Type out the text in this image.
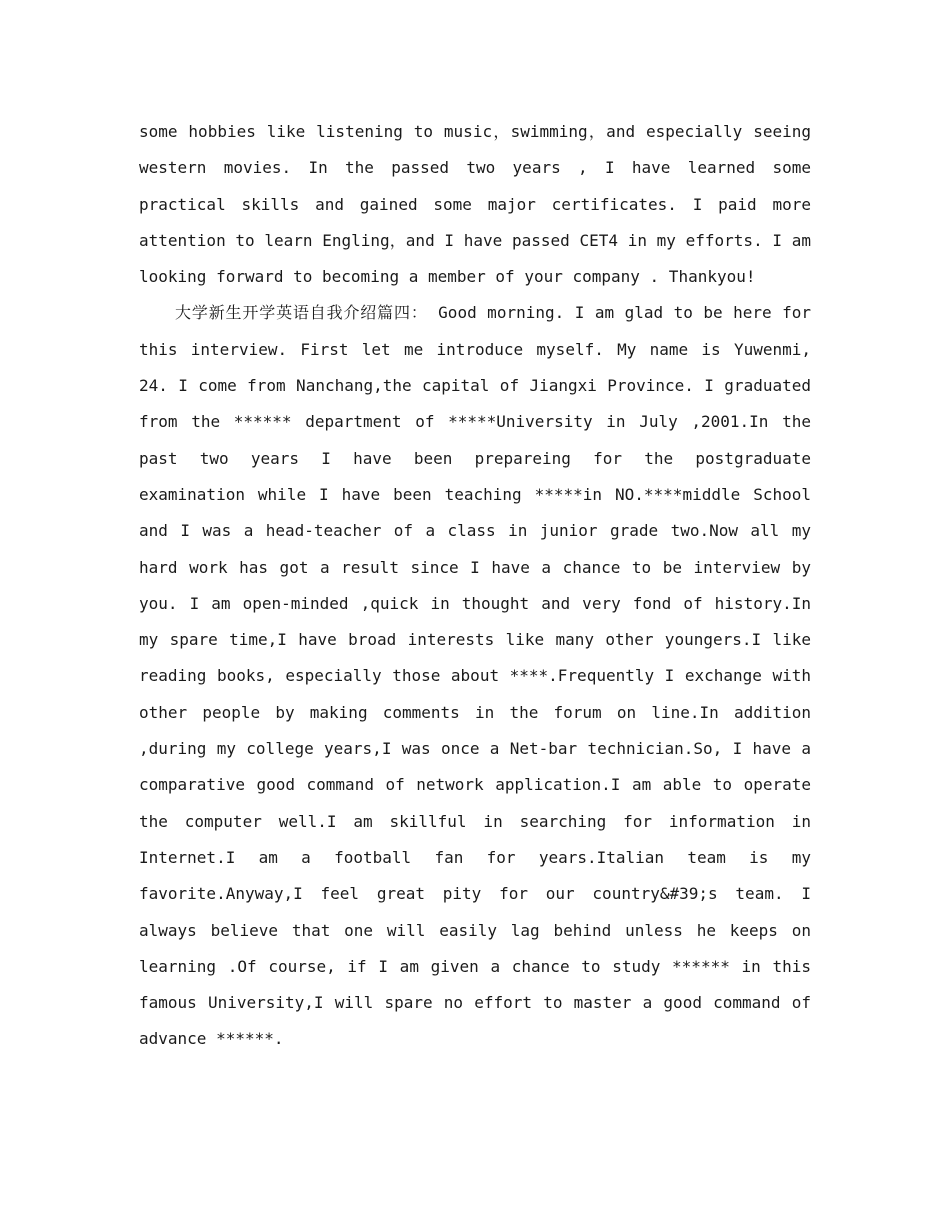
some hobbies like listening to music，swimming，and especially seeing western movies. In the passed two years , I have learned some practical skills and gained some major certificates. I paid more attention to learn Engling，and I have passed CET4 in my efforts. I am looking forward to becoming a member of your company . Thankyou!

大学新生开学英语自我介绍篇四： Good morning. I am glad to be here for this interview. First let me introduce myself. My name is Yuwenmi, 24. I come from Nanchang,the capital of Jiangxi Province. I graduated from the ****** department of *****University in July ,2001.In the past two years I have been prepareing for the postgraduate examination while I have been teaching *****in NO.****middle School and I was a head-teacher of a class in junior grade two.Now all my hard work has got a result since I have a chance to be interview by you. I am open-minded ,quick in thought and very fond of history.In my spare time,I have broad interests like many other youngers.I like reading books, especially those about ****.Frequently I exchange with other people by making comments in the forum on line.In addition ,during my college years,I was once a Net-bar technician.So, I have a comparative good command of network application.I am able to operate the computer well.I am skillful in searching for information in Internet.I am a football fan for years.Italian team is my favorite.Anyway,I feel great pity for our country&#39;s team. I always believe that one will easily lag behind unless he keeps on learning .Of course, if I am given a chance to study ****** in this famous University,I will spare no effort to master a good command of advance ******.
